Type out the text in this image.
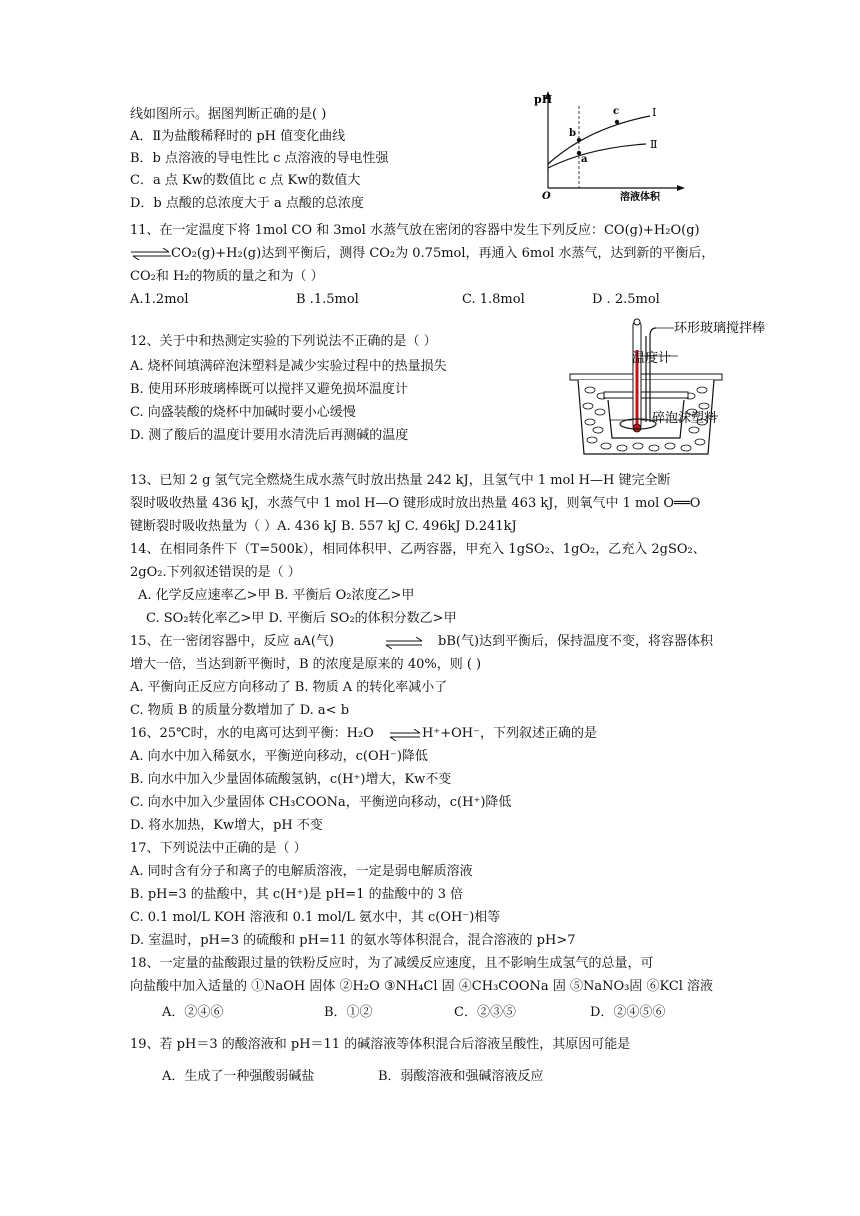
线如图所示。据图判断正确的是( )
A．Ⅱ为盐酸稀释时的 pH 值变化曲线
B．b 点溶液的导电性比 c 点溶液的导电性强
C．a 点 Kw的数值比 c 点 Kw的数值大
D．b 点酸的总浓度大于 a 点酸的总浓度
pH
溶液体积
O
Ⅰ
Ⅱ
a
b
c
11、在一定温度下将 1mol CO 和 3mol 水蒸气放在密闭的容器中发生下列反应：CO(g)+H₂O(g)
⇌ CO₂(g)+H₂(g)达到平衡后，测得 CO₂为 0.75mol，再通入 6mol 水蒸气，达到新的平衡后，
CO₂和 H₂的物质的量之和为（ ）
A.1.2mol	B .1.5mol	C. 1.8mol	D . 2.5mol
12、关于中和热测定实验的下列说法不正确的是（ ）
A. 烧杯间填满碎泡沫塑料是减少实验过程中的热量损失
B. 使用环形玻璃棒既可以搅拌又避免损坏温度计
C. 向盛装酸的烧杯中加碱时要小心缓慢
D. 测了酸后的温度计要用水清洗后再测碱的温度
环形玻璃搅拌棒
温度计
碎泡沫塑料
13、已知 2 g 氢气完全燃烧生成水蒸气时放出热量 242 kJ，且氢气中 1 mol H—H 键完全断
裂时吸收热量 436 kJ，水蒸气中 1 mol H—O 键形成时放出热量 463 kJ，则氧气中 1 mol O══O
键断裂时吸收热量为（ ）A. 436 kJ B. 557 kJ C. 496kJ D.241kJ
14、在相同条件下（T=500k），相同体积甲、乙两容器，甲充入 1gSO₂、1gO₂，乙充入 2gSO₂、
2gO₂.下列叙述错误的是（ ）
A. 化学反应速率乙>甲 B. 平衡后 O₂浓度乙>甲
C. SO₂转化率乙>甲 D. 平衡后 SO₂的体积分数乙>甲
15、在一密闭容器中，反应 aA(气)	⇌ bB(气)达到平衡后，保持温度不变，将容器体积
增大一倍，当达到新平衡时，B 的浓度是原来的 40%，则 ( )
A. 平衡向正反应方向移动了 B. 物质 A 的转化率减小了
C. 物质 B 的质量分数增加了 D. a< b
16、25℃时，水的电离可达到平衡：H₂O ⇌ H⁺+OH⁻，下列叙述正确的是
A. 向水中加入稀氨水，平衡逆向移动，c(OH⁻)降低
B. 向水中加入少量固体硫酸氢钠，c(H⁺)增大，Kw不变
C. 向水中加入少量固体 CH₃COONa，平衡逆向移动，c(H⁺)降低
D. 将水加热，Kw增大，pH 不变
17、下列说法中正确的是（ ）
A. 同时含有分子和离子的电解质溶液，一定是弱电解质溶液
B. pH=3 的盐酸中，其 c(H⁺)是 pH=1 的盐酸中的 3 倍
C. 0.1 mol/L KOH 溶液和 0.1 mol/L 氨水中，其 c(OH⁻)相等
D. 室温时，pH=3 的硫酸和 pH=11 的氨水等体积混合，混合溶液的 pH>7
18、一定量的盐酸跟过量的铁粉反应时，为了减缓反应速度，且不影响生成氢气的总量，可
向盐酸中加入适量的 ①NaOH 固体 ②H₂O ③NH₄Cl 固 ④CH₃COONa 固 ⑤NaNO₃固 ⑥KCl 溶液
A．②④⑥	B．①②	C．②③⑤	D．②④⑤⑥
19、若 pH＝3 的酸溶液和 pH＝11 的碱溶液等体积混合后溶液呈酸性，其原因可能是
A．生成了一种强酸弱碱盐	B．弱酸溶液和强碱溶液反应
